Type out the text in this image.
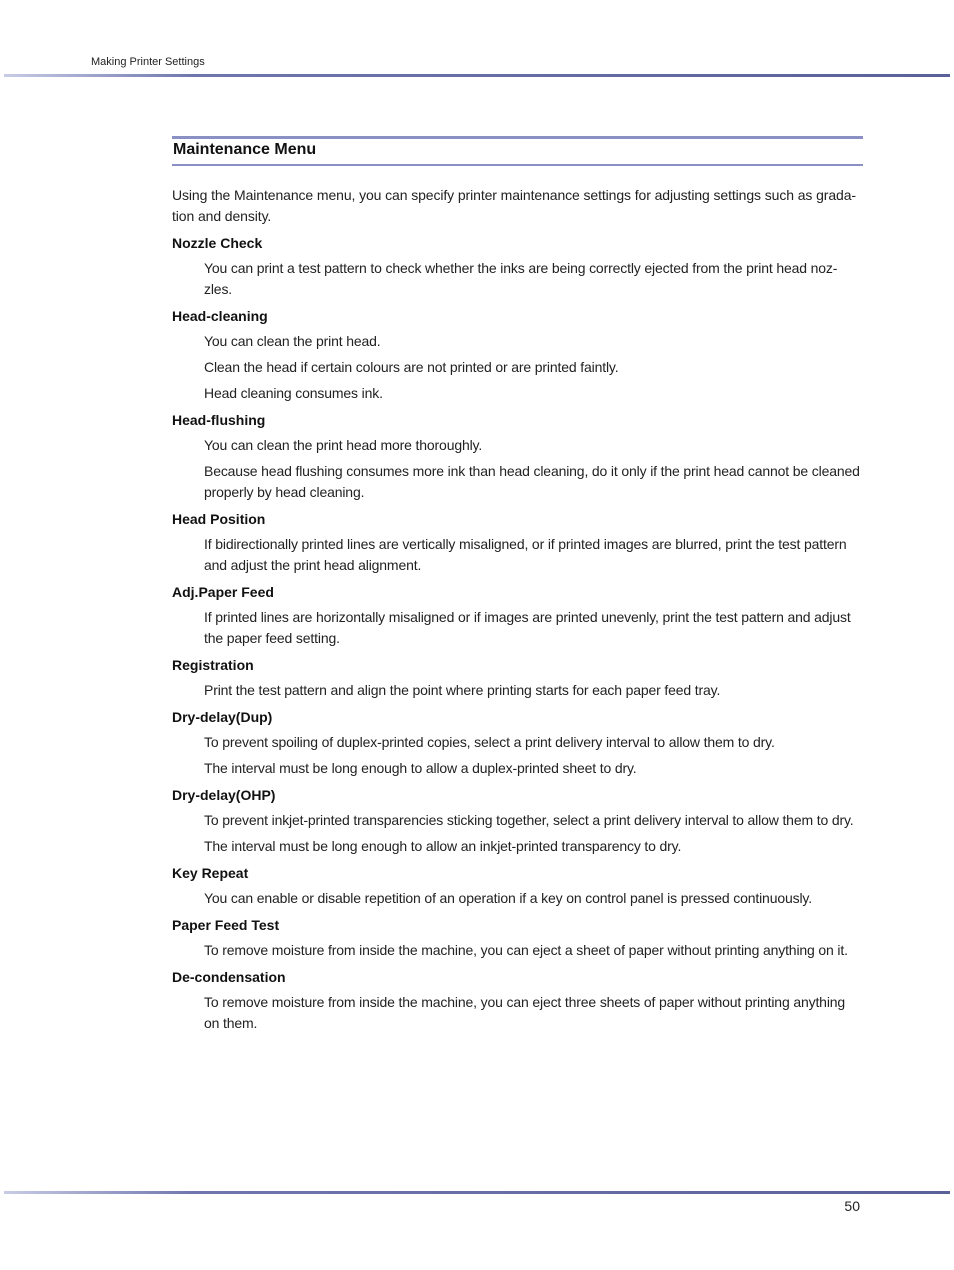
Making Printer Settings
Maintenance Menu

Using the Maintenance menu, you can specify printer maintenance settings for adjusting settings such as grada-tion and density.

Nozzle Check

You can print a test pattern to check whether the inks are being correctly ejected from the print head noz-zles.

Head-cleaning

You can clean the print head.

Clean the head if certain colours are not printed or are printed faintly.

Head cleaning consumes ink.

Head-flushing

You can clean the print head more thoroughly.

Because head flushing consumes more ink than head cleaning, do it only if the print head cannot be cleaned properly by head cleaning.

Head Position

If bidirectionally printed lines are vertically misaligned, or if printed images are blurred, print the test pattern and adjust the print head alignment.

Adj.Paper Feed

If printed lines are horizontally misaligned or if images are printed unevenly, print the test pattern and adjust the paper feed setting.

Registration

Print the test pattern and align the point where printing starts for each paper feed tray.

Dry-delay(Dup)

To prevent spoiling of duplex-printed copies, select a print delivery interval to allow them to dry.

The interval must be long enough to allow a duplex-printed sheet to dry.

Dry-delay(OHP)

To prevent inkjet-printed transparencies sticking together, select a print delivery interval to allow them to dry.

The interval must be long enough to allow an inkjet-printed transparency to dry.

Key Repeat

You can enable or disable repetition of an operation if a key on control panel is pressed continuously.

Paper Feed Test

To remove moisture from inside the machine, you can eject a sheet of paper without printing anything on it.

De-condensation

To remove moisture from inside the machine, you can eject three sheets of paper without printing anything on them.

50
